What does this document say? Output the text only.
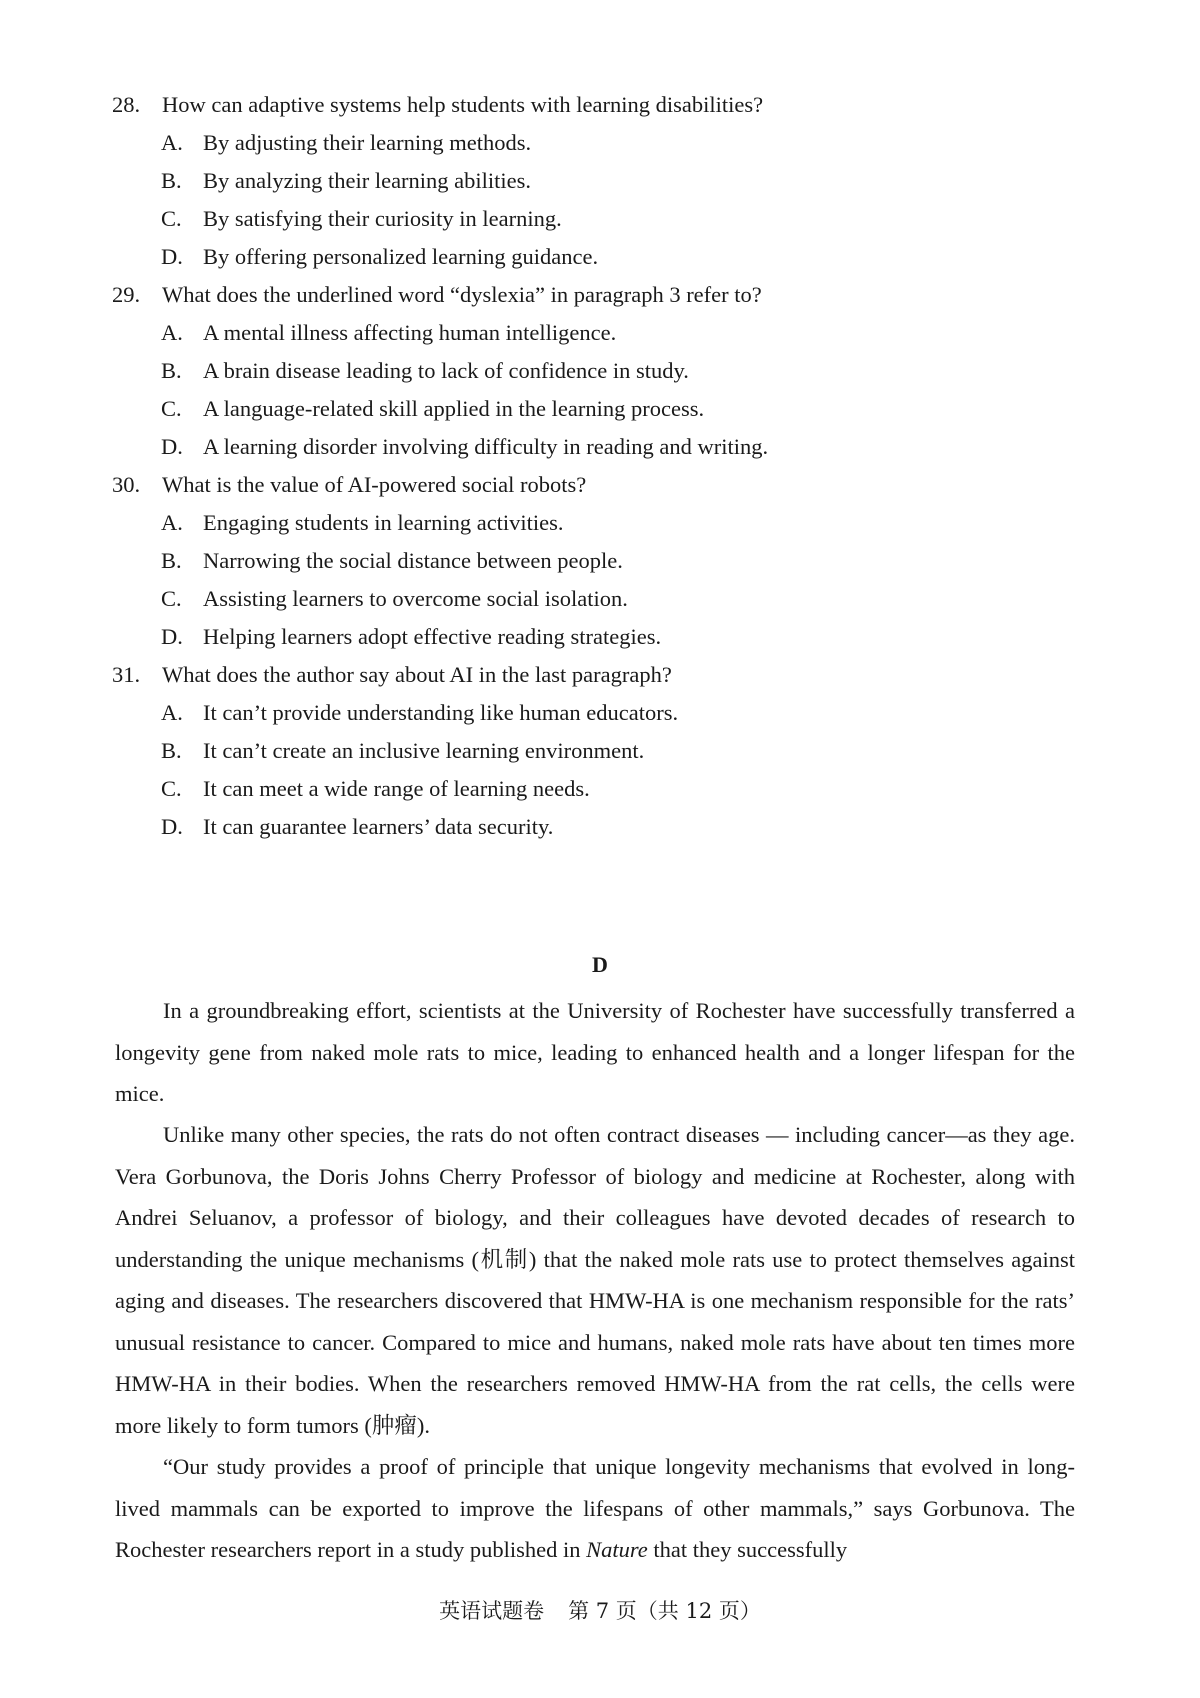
28. How can adaptive systems help students with learning disabilities?
A. By adjusting their learning methods.
B. By analyzing their learning abilities.
C. By satisfying their curiosity in learning.
D. By offering personalized learning guidance.
29. What does the underlined word “dyslexia” in paragraph 3 refer to?
A. A mental illness affecting human intelligence.
B. A brain disease leading to lack of confidence in study.
C. A language-related skill applied in the learning process.
D. A learning disorder involving difficulty in reading and writing.
30. What is the value of AI-powered social robots?
A. Engaging students in learning activities.
B. Narrowing the social distance between people.
C. Assisting learners to overcome social isolation.
D. Helping learners adopt effective reading strategies.
31. What does the author say about AI in the last paragraph?
A. It can’t provide understanding like human educators.
B. It can’t create an inclusive learning environment.
C. It can meet a wide range of learning needs.
D. It can guarantee learners’ data security.
D
In a groundbreaking effort, scientists at the University of Rochester have successfully transferred a longevity gene from naked mole rats to mice, leading to enhanced health and a longer lifespan for the mice.
Unlike many other species, the rats do not often contract diseases — including cancer—as they age. Vera Gorbunova, the Doris Johns Cherry Professor of biology and medicine at Rochester, along with Andrei Seluanov, a professor of biology, and their colleagues have devoted decades of research to understanding the unique mechanisms (机制) that the naked mole rats use to protect themselves against aging and diseases. The researchers discovered that HMW-HA is one mechanism responsible for the rats’ unusual resistance to cancer. Compared to mice and humans, naked mole rats have about ten times more HMW-HA in their bodies. When the researchers removed HMW-HA from the rat cells, the cells were more likely to form tumors (肿瘤).
“Our study provides a proof of principle that unique longevity mechanisms that evolved in long-lived mammals can be exported to improve the lifespans of other mammals,” says Gorbunova. The Rochester researchers report in a study published in Nature that they successfully
英语试题卷 第 7 页（共 12 页）
